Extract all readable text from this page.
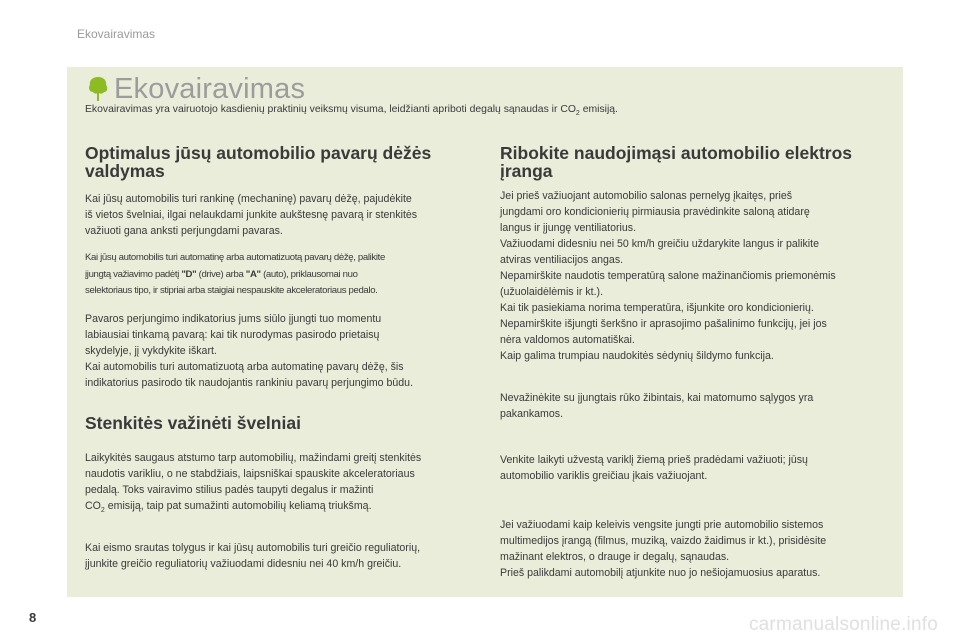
Ekovairavimas
Ekovairavimas
Ekovairavimas yra vairuotojo kasdienių praktinių veiksmų visuma, leidžianti apriboti degalų sąnaudas ir $CO_2$ emisiją.
Optimalus jūsų automobilio pavarų dėžės
valdymas
Kai jūsų automobilis turi rankinę (mechaninę) pavarų dėžę, pajudėkite
iš vietos švelniai, ilgai nelaukdami junkite aukštesnę pavarą ir stenkitės
važiuoti gana anksti perjungdami pavaras.
Kai jūsų automobilis turi automatinę arba automatizuotą pavarų dėžę, palikite
įjungtą važiavimo padėtį "D" (drive) arba "A" (auto), priklausomai nuo
selektoriaus tipo, ir stipriai arba staigiai nespauskite akceleratoriaus pedalo.
Pavaros perjungimo indikatorius jums siūlo įjungti tuo momentu
labiausiai tinkamą pavarą: kai tik nurodymas pasirodo prietaisų
skydelyje, jį vykdykite iškart.
Kai automobilis turi automatizuotą arba automatinę pavarų dėžę, šis
indikatorius pasirodo tik naudojantis rankiniu pavarų perjungimo būdu.
Stenkitės važinėti švelniai
Laikykitės saugaus atstumo tarp automobilių, mažindami greitį stenkitės
naudotis varikliu, o ne stabdžiais, laipsniškai spauskite akceleratoriaus
pedalą. Toks vairavimo stilius padės taupyti degalus ir mažinti
$CO_2$ emisiją, taip pat sumažinti automobilių keliamą triukšmą.
Kai eismo srautas tolygus ir kai jūsų automobilis turi greičio reguliatorių,
įjunkite greičio reguliatorių važiuodami didesniu nei 40 km/h greičiu.
Ribokite naudojimąsi automobilio elektros
įranga
Jei prieš važiuojant automobilio salonas pernelyg įkaitęs, prieš
jungdami oro kondicionierių pirmiausia pravėdinkite saloną atidarę
langus ir įjungę ventiliatorius.
Važiuodami didesniu nei 50 km/h greičiu uždarykite langus ir palikite
atviras ventiliacijos angas.
Nepamirškite naudotis temperatūrą salone mažinančiomis priemonėmis
(užuolaidėlėmis ir kt.).
Kai tik pasiekiama norima temperatūra, išjunkite oro kondicionierių.
Nepamirškite išjungti šerkšno ir aprasojimo pašalinimo funkcijų, jei jos
nėra valdomos automatiškai.
Kaip galima trumpiau naudokitės sėdynių šildymo funkcija.
Nevažinėkite su įjungtais rūko žibintais, kai matomumo sąlygos yra
pakankamos.
Venkite laikyti užvestą variklį žiemą prieš pradėdami važiuoti; jūsų
automobilio variklis greičiau įkais važiuojant.
Jei važiuodami kaip keleivis vengsite jungti prie automobilio sistemos
multimedijos įrangą (filmus, muziką, vaizdo žaidimus ir kt.), prisidėsite
mažinant elektros, o drauge ir degalų, sąnaudas.
Prieš palikdami automobilį atjunkite nuo jo nešiojamuosius aparatus.
8	carmanualsonline.info
